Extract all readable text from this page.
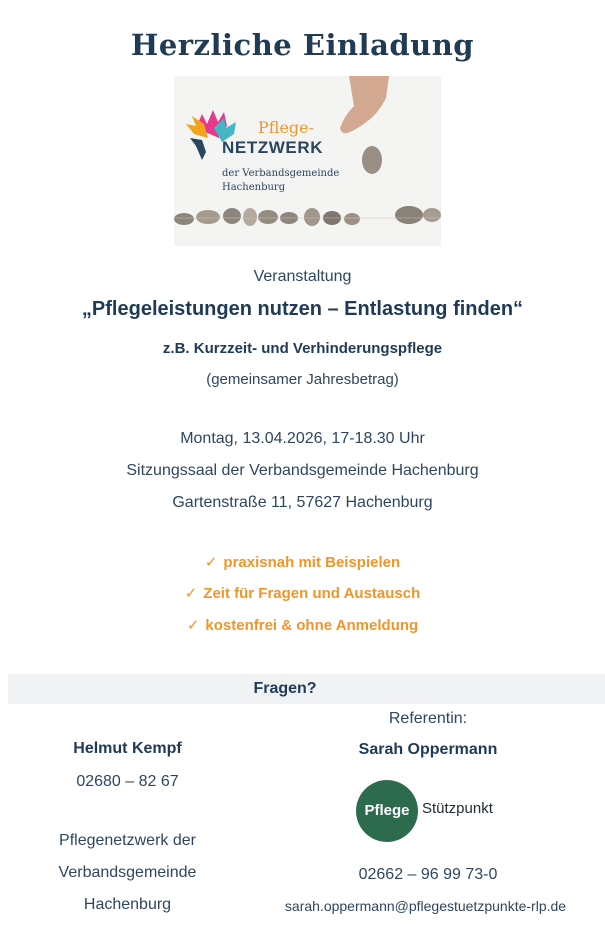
Herzliche Einladung
Pflege-
NETZWERK
der Verbandsgemeinde
Hachenburg
Veranstaltung
„Pflegeleistungen nutzen – Entlastung finden“
z.B. Kurzzeit- und Verhinderungspflege
(gemeinsamer Jahresbetrag)
Montag, 13.04.2026, 17-18.30 Uhr
Sitzungssaal der Verbandsgemeinde Hachenburg
Gartenstraße 11, 57627 Hachenburg
✓ praxisnah mit Beispielen
✓ Zeit für Fragen und Austausch
✓ kostenfrei & ohne Anmeldung
Fragen?
Helmut Kempf
02680 – 82 67
Pflegenetzwerk der
Verbandsgemeinde
Hachenburg
Referentin:
Sarah Oppermann
Pflege Stützpunkt
02662 – 96 99 73-0
sarah.oppermann@pflegestuetzpunkte-rlp.de
